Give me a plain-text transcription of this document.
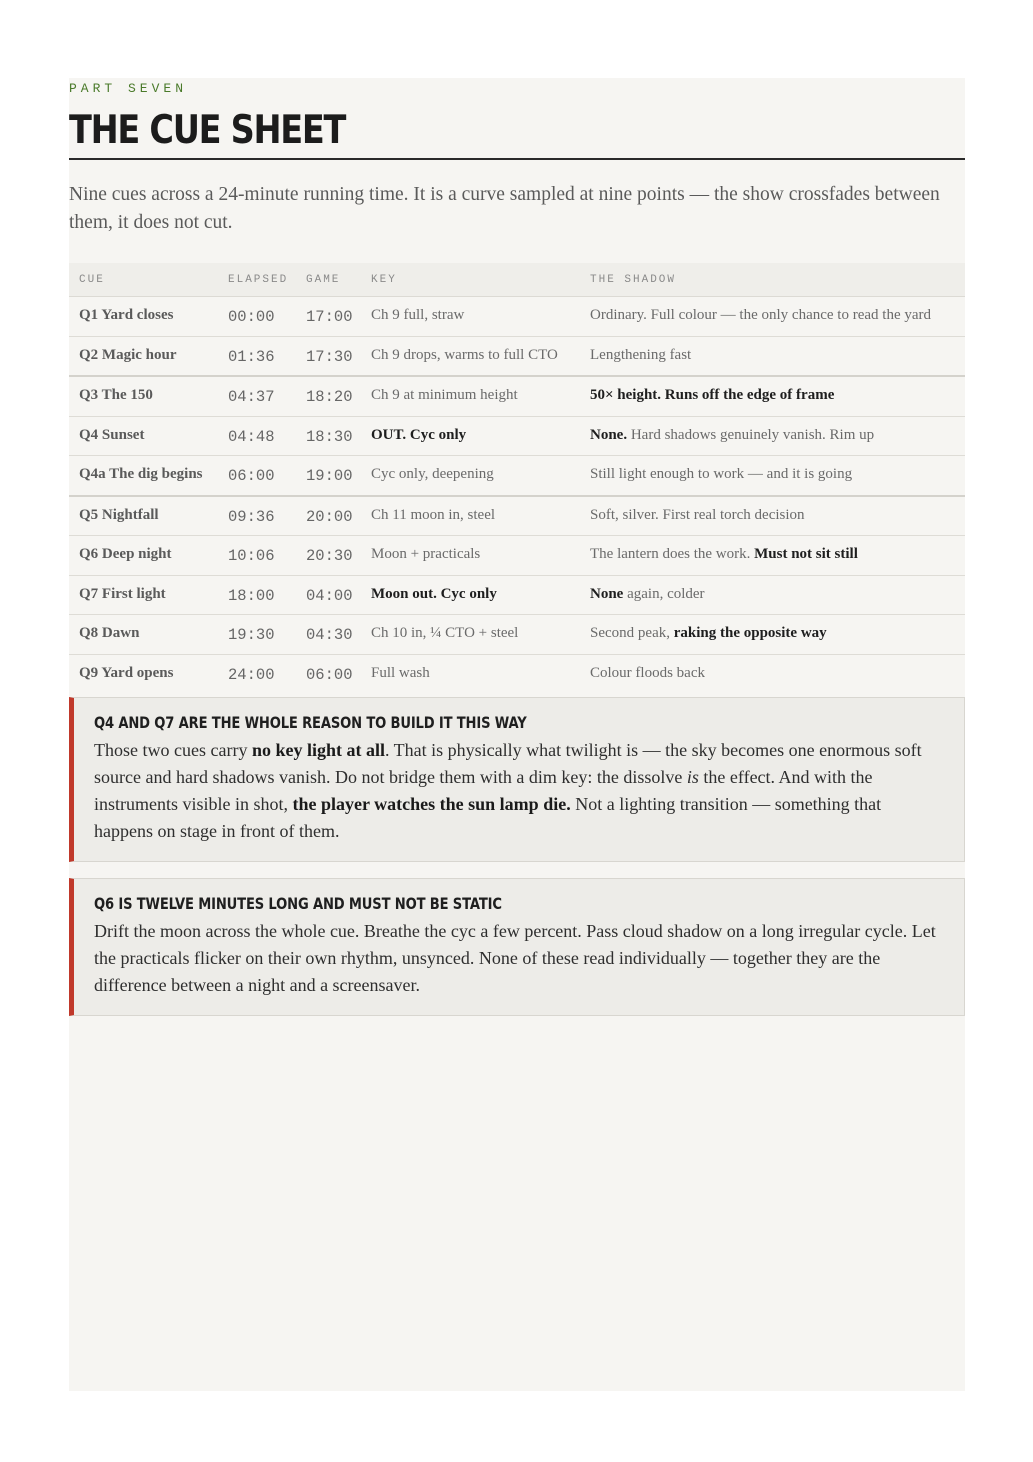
PART SEVEN
THE CUE SHEET

Nine cues across a 24-minute running time. It is a curve sampled at nine points — the show crossfades between them, it does not cut.

CUE	ELAPSED	GAME	KEY	THE SHADOW
Q1 Yard closes	00:00	17:00	Ch 9 full, straw	Ordinary. Full colour — the only chance to read the yard
Q2 Magic hour	01:36	17:30	Ch 9 drops, warms to full CTO	Lengthening fast
Q3 The 150	04:37	18:20	Ch 9 at minimum height	50× height. Runs off the edge of frame
Q4 Sunset	04:48	18:30	OUT. Cyc only	None. Hard shadows genuinely vanish. Rim up
Q4a The dig begins	06:00	19:00	Cyc only, deepening	Still light enough to work — and it is going
Q5 Nightfall	09:36	20:00	Ch 11 moon in, steel	Soft, silver. First real torch decision
Q6 Deep night	10:06	20:30	Moon + practicals	The lantern does the work. Must not sit still
Q7 First light	18:00	04:00	Moon out. Cyc only	None again, colder
Q8 Dawn	19:30	04:30	Ch 10 in, ¼ CTO + steel	Second peak, raking the opposite way
Q9 Yard opens	24:00	06:00	Full wash	Colour floods back
Q4 AND Q7 ARE THE WHOLE REASON TO BUILD IT THIS WAY

Those two cues carry no key light at all. That is physically what twilight is — the sky becomes one enormous soft source and hard shadows vanish. Do not bridge them with a dim key: the dissolve is the effect. And with the instruments visible in shot, the player watches the sun lamp die. Not a lighting transition — something that happens on stage in front of them.

Q6 IS TWELVE MINUTES LONG AND MUST NOT BE STATIC

Drift the moon across the whole cue. Breathe the cyc a few percent. Pass cloud shadow on a long irregular cycle. Let the practicals flicker on their own rhythm, unsynced. None of these read individually — together they are the difference between a night and a screensaver.
